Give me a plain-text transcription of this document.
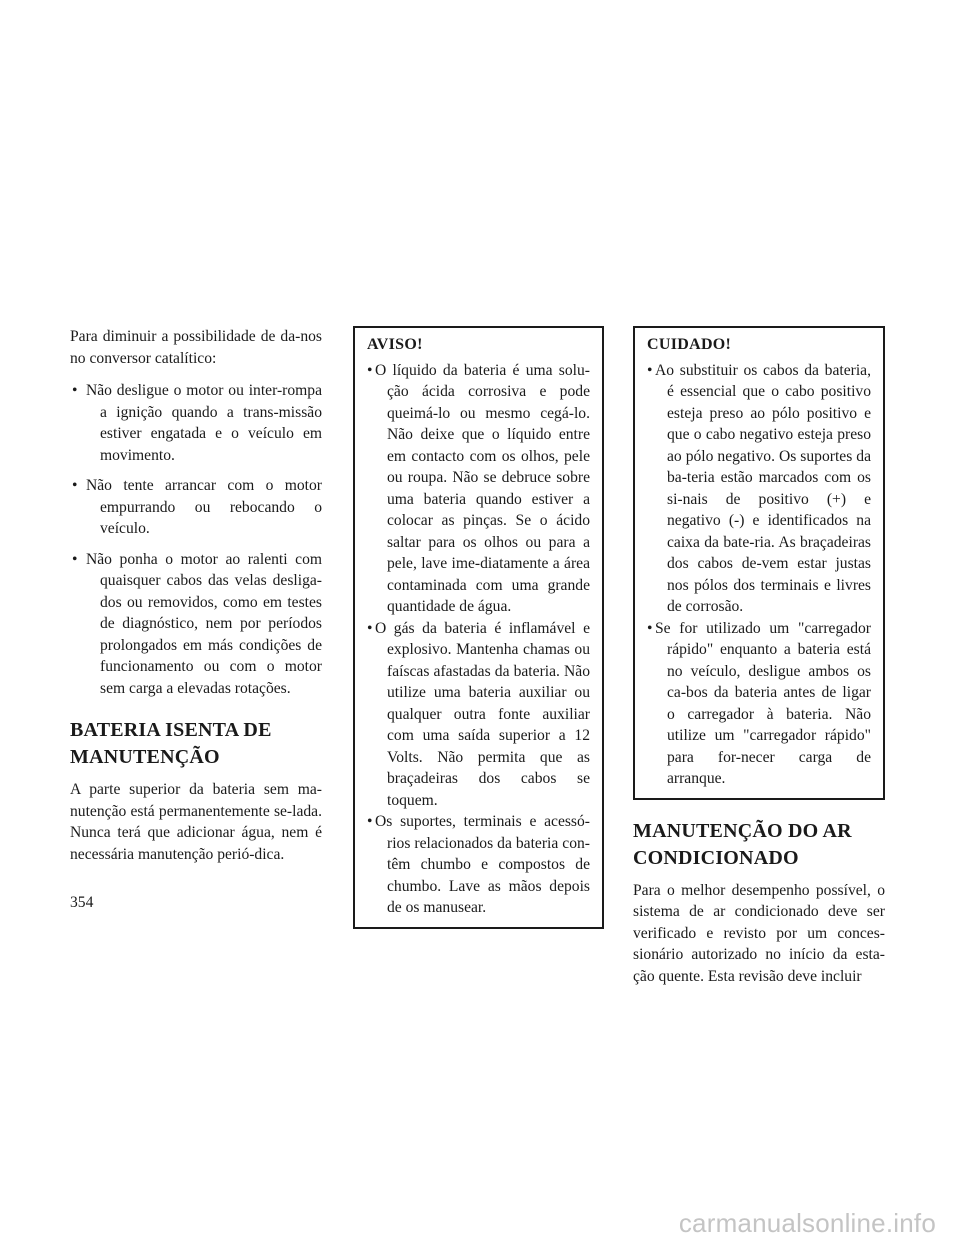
Para diminuir a possibilidade de da-nos no conversor catalítico:

• Não desligue o motor ou inter-rompa a ignição quando a trans-missão estiver engatada e o veículo em movimento.
• Não tente arrancar com o motor empurrando ou rebocando o veículo.
• Não ponha o motor ao ralenti com quaisquer cabos das velas desliga-dos ou removidos, como em testes de diagnóstico, nem por períodos prolongados em más condições de funcionamento ou com o motor sem carga a elevadas rotações.
BATERIA ISENTA DE MANUTENÇÃO

A parte superior da bateria sem ma-nutenção está permanentemente se-lada. Nunca terá que adicionar água, nem é necessária manutenção perió-dica.

AVISO!
• O líquido da bateria é uma solu-ção ácida corrosiva e pode queimá-lo ou mesmo cegá-lo. Não deixe que o líquido entre em contacto com os olhos, pele ou roupa. Não se debruce sobre uma bateria quando estiver a colocar as pinças. Se o ácido saltar para os olhos ou para a pele, lave ime-diatamente a área contaminada com uma grande quantidade de água.
• O gás da bateria é inflamável e explosivo. Mantenha chamas ou faíscas afastadas da bateria. Não utilize uma bateria auxiliar ou qualquer outra fonte auxiliar com uma saída superior a 12 Volts. Não permita que as braçadeiras dos cabos se toquem.
• Os suportes, terminais e acessó-rios relacionados da bateria con-têm chumbo e compostos de chumbo. Lave as mãos depois de os manusear.
CUIDADO!
• Ao substituir os cabos da bateria, é essencial que o cabo positivo esteja preso ao pólo positivo e que o cabo negativo esteja preso ao pólo negativo. Os suportes da ba-teria estão marcados com os si-nais de positivo (+) e negativo (-) e identificados na caixa da bate-ria. As braçadeiras dos cabos de-vem estar justas nos pólos dos terminais e livres de corrosão.
• Se for utilizado um "carregador rápido" enquanto a bateria está no veículo, desligue ambos os ca-bos da bateria antes de ligar o carregador à bateria. Não utilize um "carregador rápido" para for-necer carga de arranque.
MANUTENÇÃO DO AR CONDICIONADO

Para o melhor desempenho possível, o sistema de ar condicionado deve ser verificado e revisto por um conces-sionário autorizado no início da esta-ção quente. Esta revisão deve incluir

354
carmanualsonline.info
